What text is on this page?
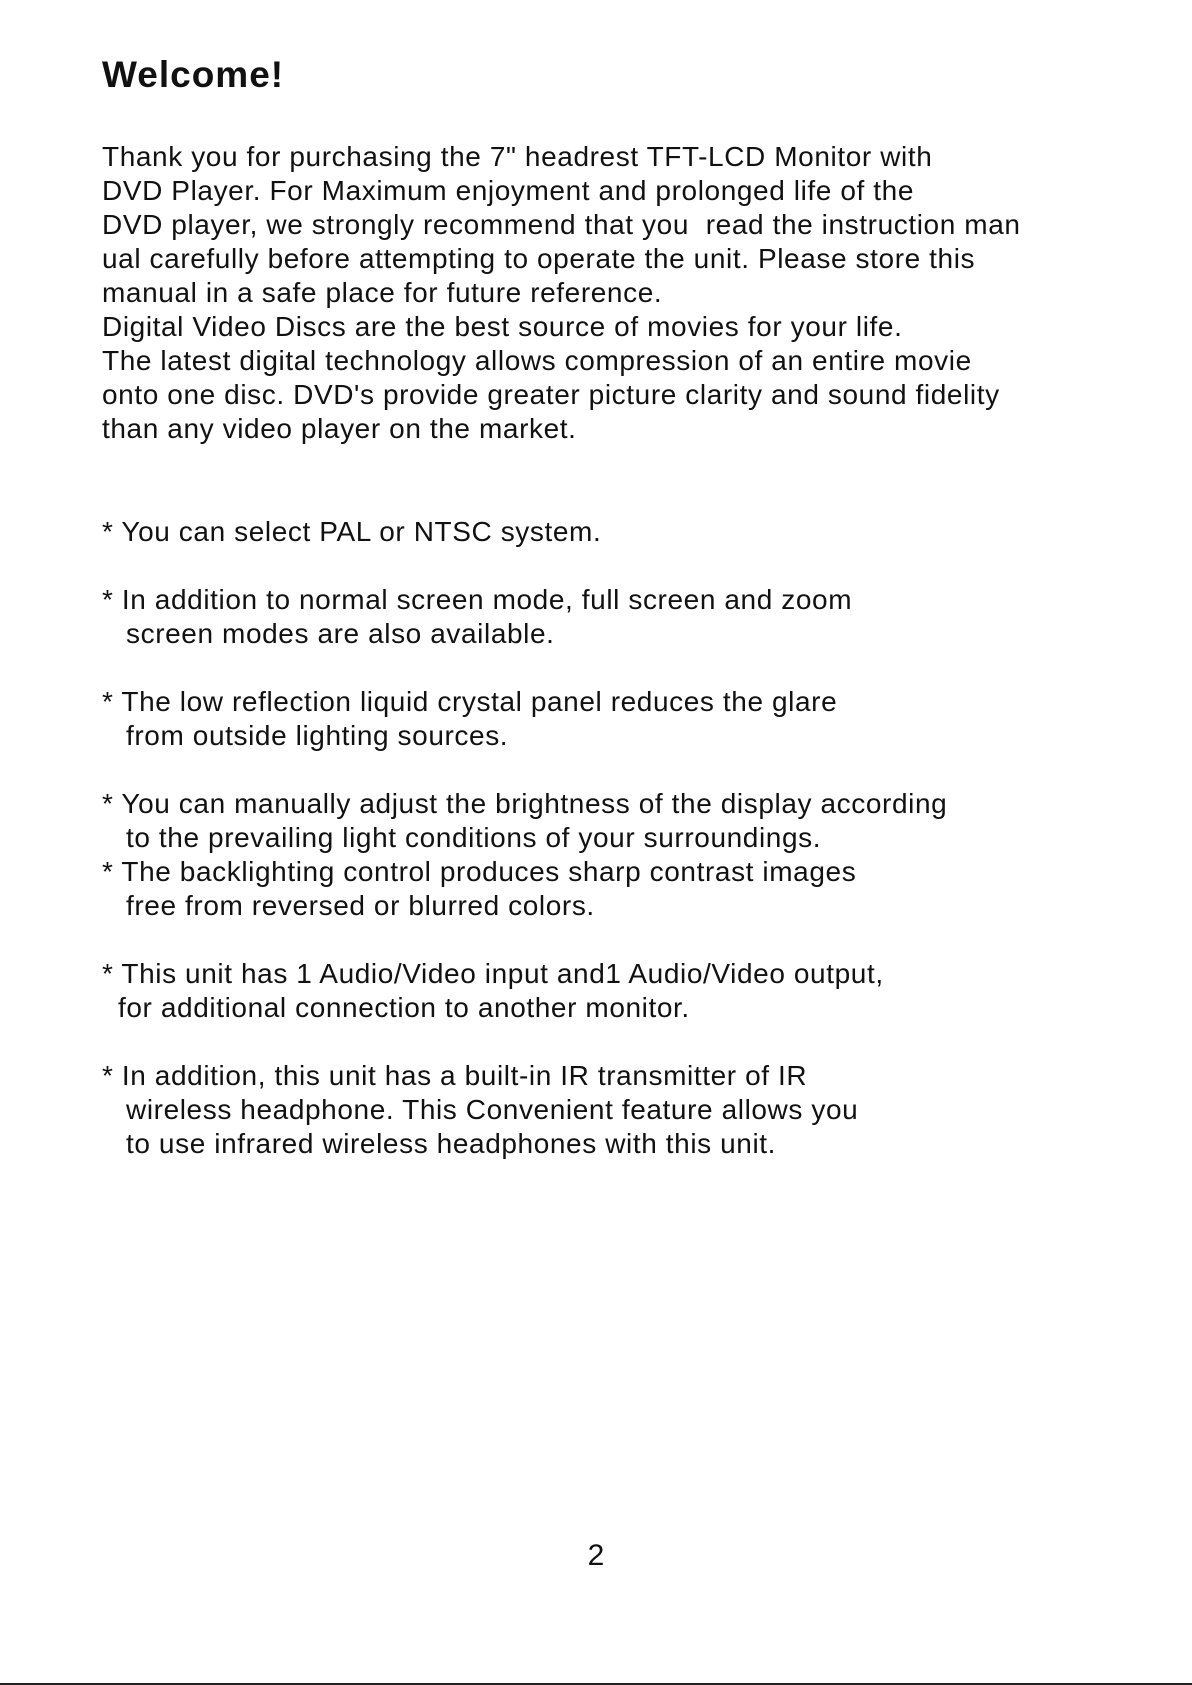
Welcome!
Thank you for purchasing the 7" headrest TFT-LCD Monitor with
DVD Player. For Maximum enjoyment and prolonged life of the
DVD player, we strongly recommend that you  read the instruction man
ual carefully before attempting to operate the unit. Please store this
manual in a safe place for future reference.
Digital Video Discs are the best source of movies for your life.
The latest digital technology allows compression of an entire movie
onto one disc. DVD's provide greater picture clarity and sound fidelity
than any video player on the market.
* You can select PAL or NTSC system.
* In addition to normal screen mode, full screen and zoom
screen modes are also available.
* The low reflection liquid crystal panel reduces the glare
from outside lighting sources.
* You can manually adjust the brightness of the display according
to the prevailing light conditions of your surroundings.
* The backlighting control produces sharp contrast images
free from reversed or blurred colors.
* This unit has 1 Audio/Video input and1 Audio/Video output,
for additional connection to another monitor.
* In addition, this unit has a built-in IR transmitter of IR
wireless headphone. This Convenient feature allows you
to use infrared wireless headphones with this unit.
2
